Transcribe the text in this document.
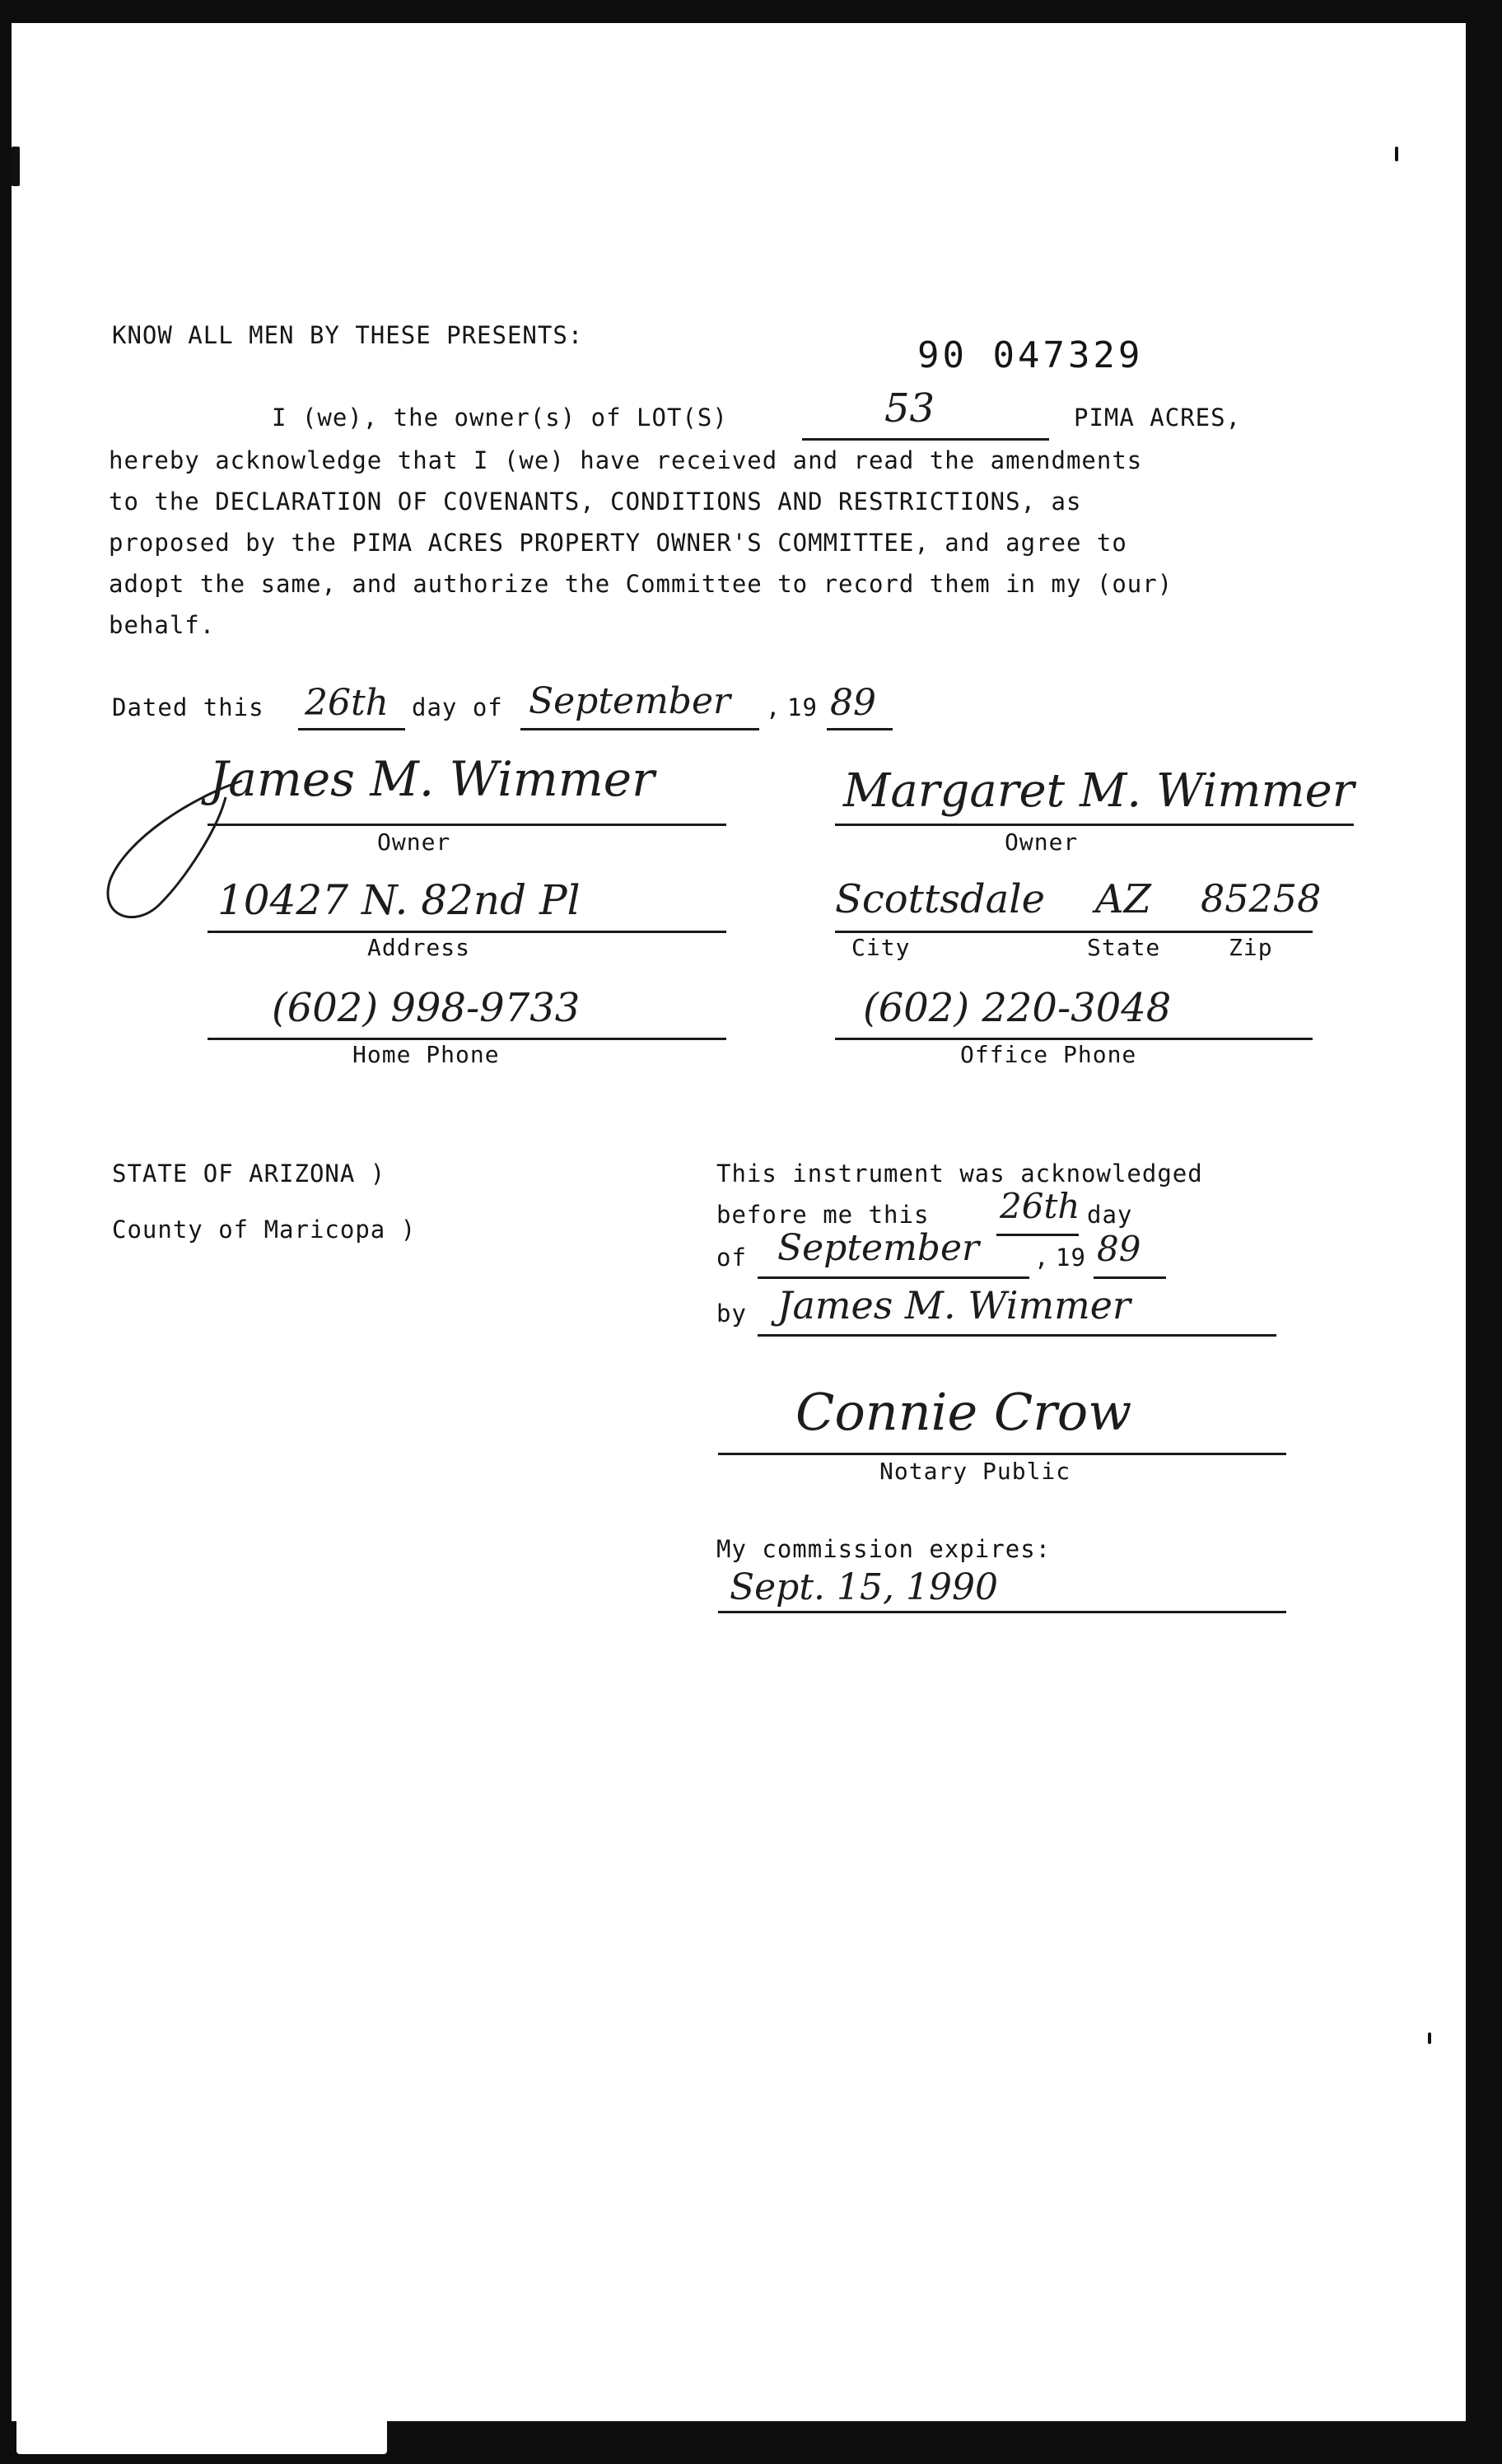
KNOW ALL MEN BY THESE PRESENTS:	90 047329
I (we), the owner(s) of LOT(S)	53	PIMA ACRES,
hereby acknowledge that I (we) have received and read the amendments
to the DECLARATION OF COVENANTS, CONDITIONS AND RESTRICTIONS, as
proposed by the PIMA ACRES PROPERTY OWNER'S COMMITTEE, and agree to
adopt the same, and authorize the Committee to record them in my (our)
behalf.
Dated this 26th day of September , 19 89
James M. Wimmer
Owner
Margaret M. Wimmer
Owner
10427 N. 82nd Pl
Address
Scottsdale AZ 85258
City	State	Zip
(602) 998-9733
Home Phone
(602) 220-3048
Office Phone
STATE OF ARIZONA )
County of Maricopa )
This instrument was acknowledged
before me this 26th day
of September , 19 89
by James M. Wimmer
Connie Crow
Notary Public
My commission expires:
Sept. 15, 1990
